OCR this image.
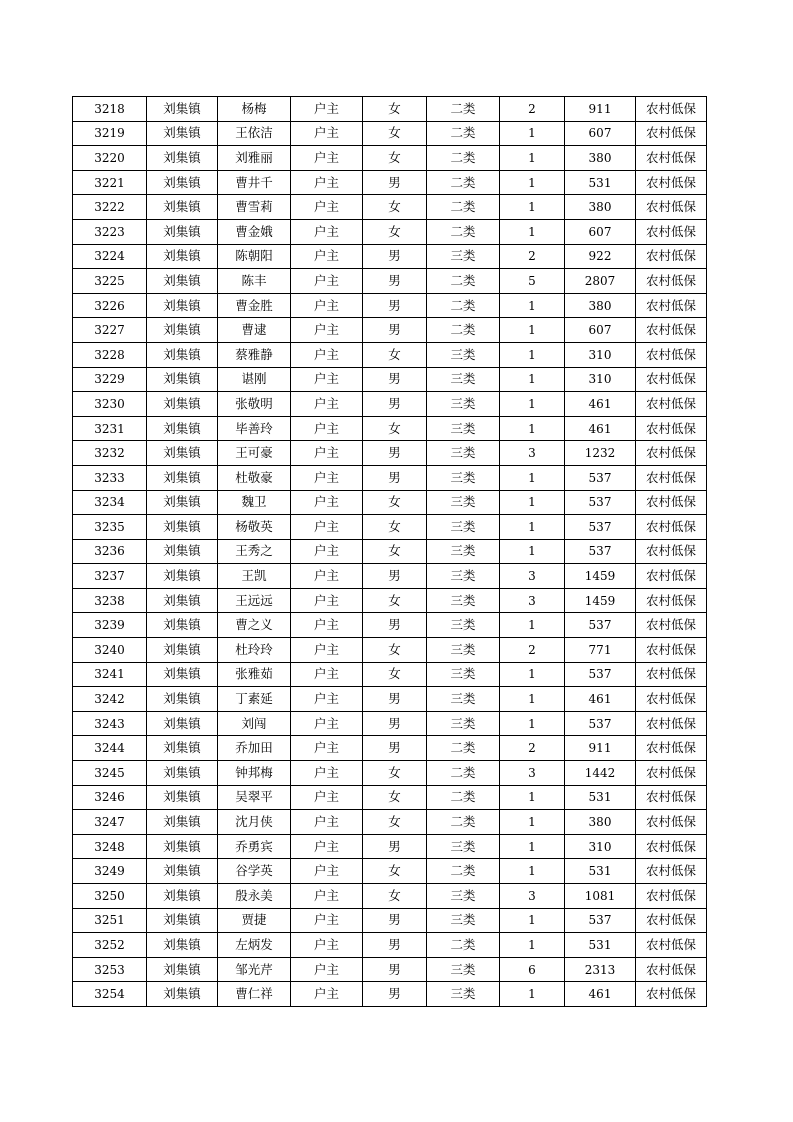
3218	刘集镇	杨梅	户主	女	二类	2	911	农村低保
3219	刘集镇	王依洁	户主	女	二类	1	607	农村低保
3220	刘集镇	刘雅丽	户主	女	二类	1	380	农村低保
3221	刘集镇	曹井千	户主	男	二类	1	531	农村低保
3222	刘集镇	曹雪莉	户主	女	二类	1	380	农村低保
3223	刘集镇	曹金娥	户主	女	二类	1	607	农村低保
3224	刘集镇	陈朝阳	户主	男	三类	2	922	农村低保
3225	刘集镇	陈丰	户主	男	二类	5	2807	农村低保
3226	刘集镇	曹金胜	户主	男	二类	1	380	农村低保
3227	刘集镇	曹逮	户主	男	二类	1	607	农村低保
3228	刘集镇	蔡雅静	户主	女	三类	1	310	农村低保
3229	刘集镇	谌刚	户主	男	三类	1	310	农村低保
3230	刘集镇	张敬明	户主	男	三类	1	461	农村低保
3231	刘集镇	毕善玲	户主	女	三类	1	461	农村低保
3232	刘集镇	王可豪	户主	男	三类	3	1232	农村低保
3233	刘集镇	杜敬豪	户主	男	三类	1	537	农村低保
3234	刘集镇	魏卫	户主	女	三类	1	537	农村低保
3235	刘集镇	杨敬英	户主	女	三类	1	537	农村低保
3236	刘集镇	王秀之	户主	女	三类	1	537	农村低保
3237	刘集镇	王凯	户主	男	三类	3	1459	农村低保
3238	刘集镇	王远远	户主	女	三类	3	1459	农村低保
3239	刘集镇	曹之义	户主	男	三类	1	537	农村低保
3240	刘集镇	杜玲玲	户主	女	三类	2	771	农村低保
3241	刘集镇	张雅茹	户主	女	三类	1	537	农村低保
3242	刘集镇	丁素延	户主	男	三类	1	461	农村低保
3243	刘集镇	刘闯	户主	男	三类	1	537	农村低保
3244	刘集镇	乔加田	户主	男	二类	2	911	农村低保
3245	刘集镇	钟邦梅	户主	女	二类	3	1442	农村低保
3246	刘集镇	吴翠平	户主	女	二类	1	531	农村低保
3247	刘集镇	沈月侠	户主	女	二类	1	380	农村低保
3248	刘集镇	乔勇宾	户主	男	三类	1	310	农村低保
3249	刘集镇	谷学英	户主	女	二类	1	531	农村低保
3250	刘集镇	殷永美	户主	女	三类	3	1081	农村低保
3251	刘集镇	贾捷	户主	男	三类	1	537	农村低保
3252	刘集镇	左炳发	户主	男	二类	1	531	农村低保
3253	刘集镇	邹光芹	户主	男	三类	6	2313	农村低保
3254	刘集镇	曹仁祥	户主	男	三类	1	461	农村低保
